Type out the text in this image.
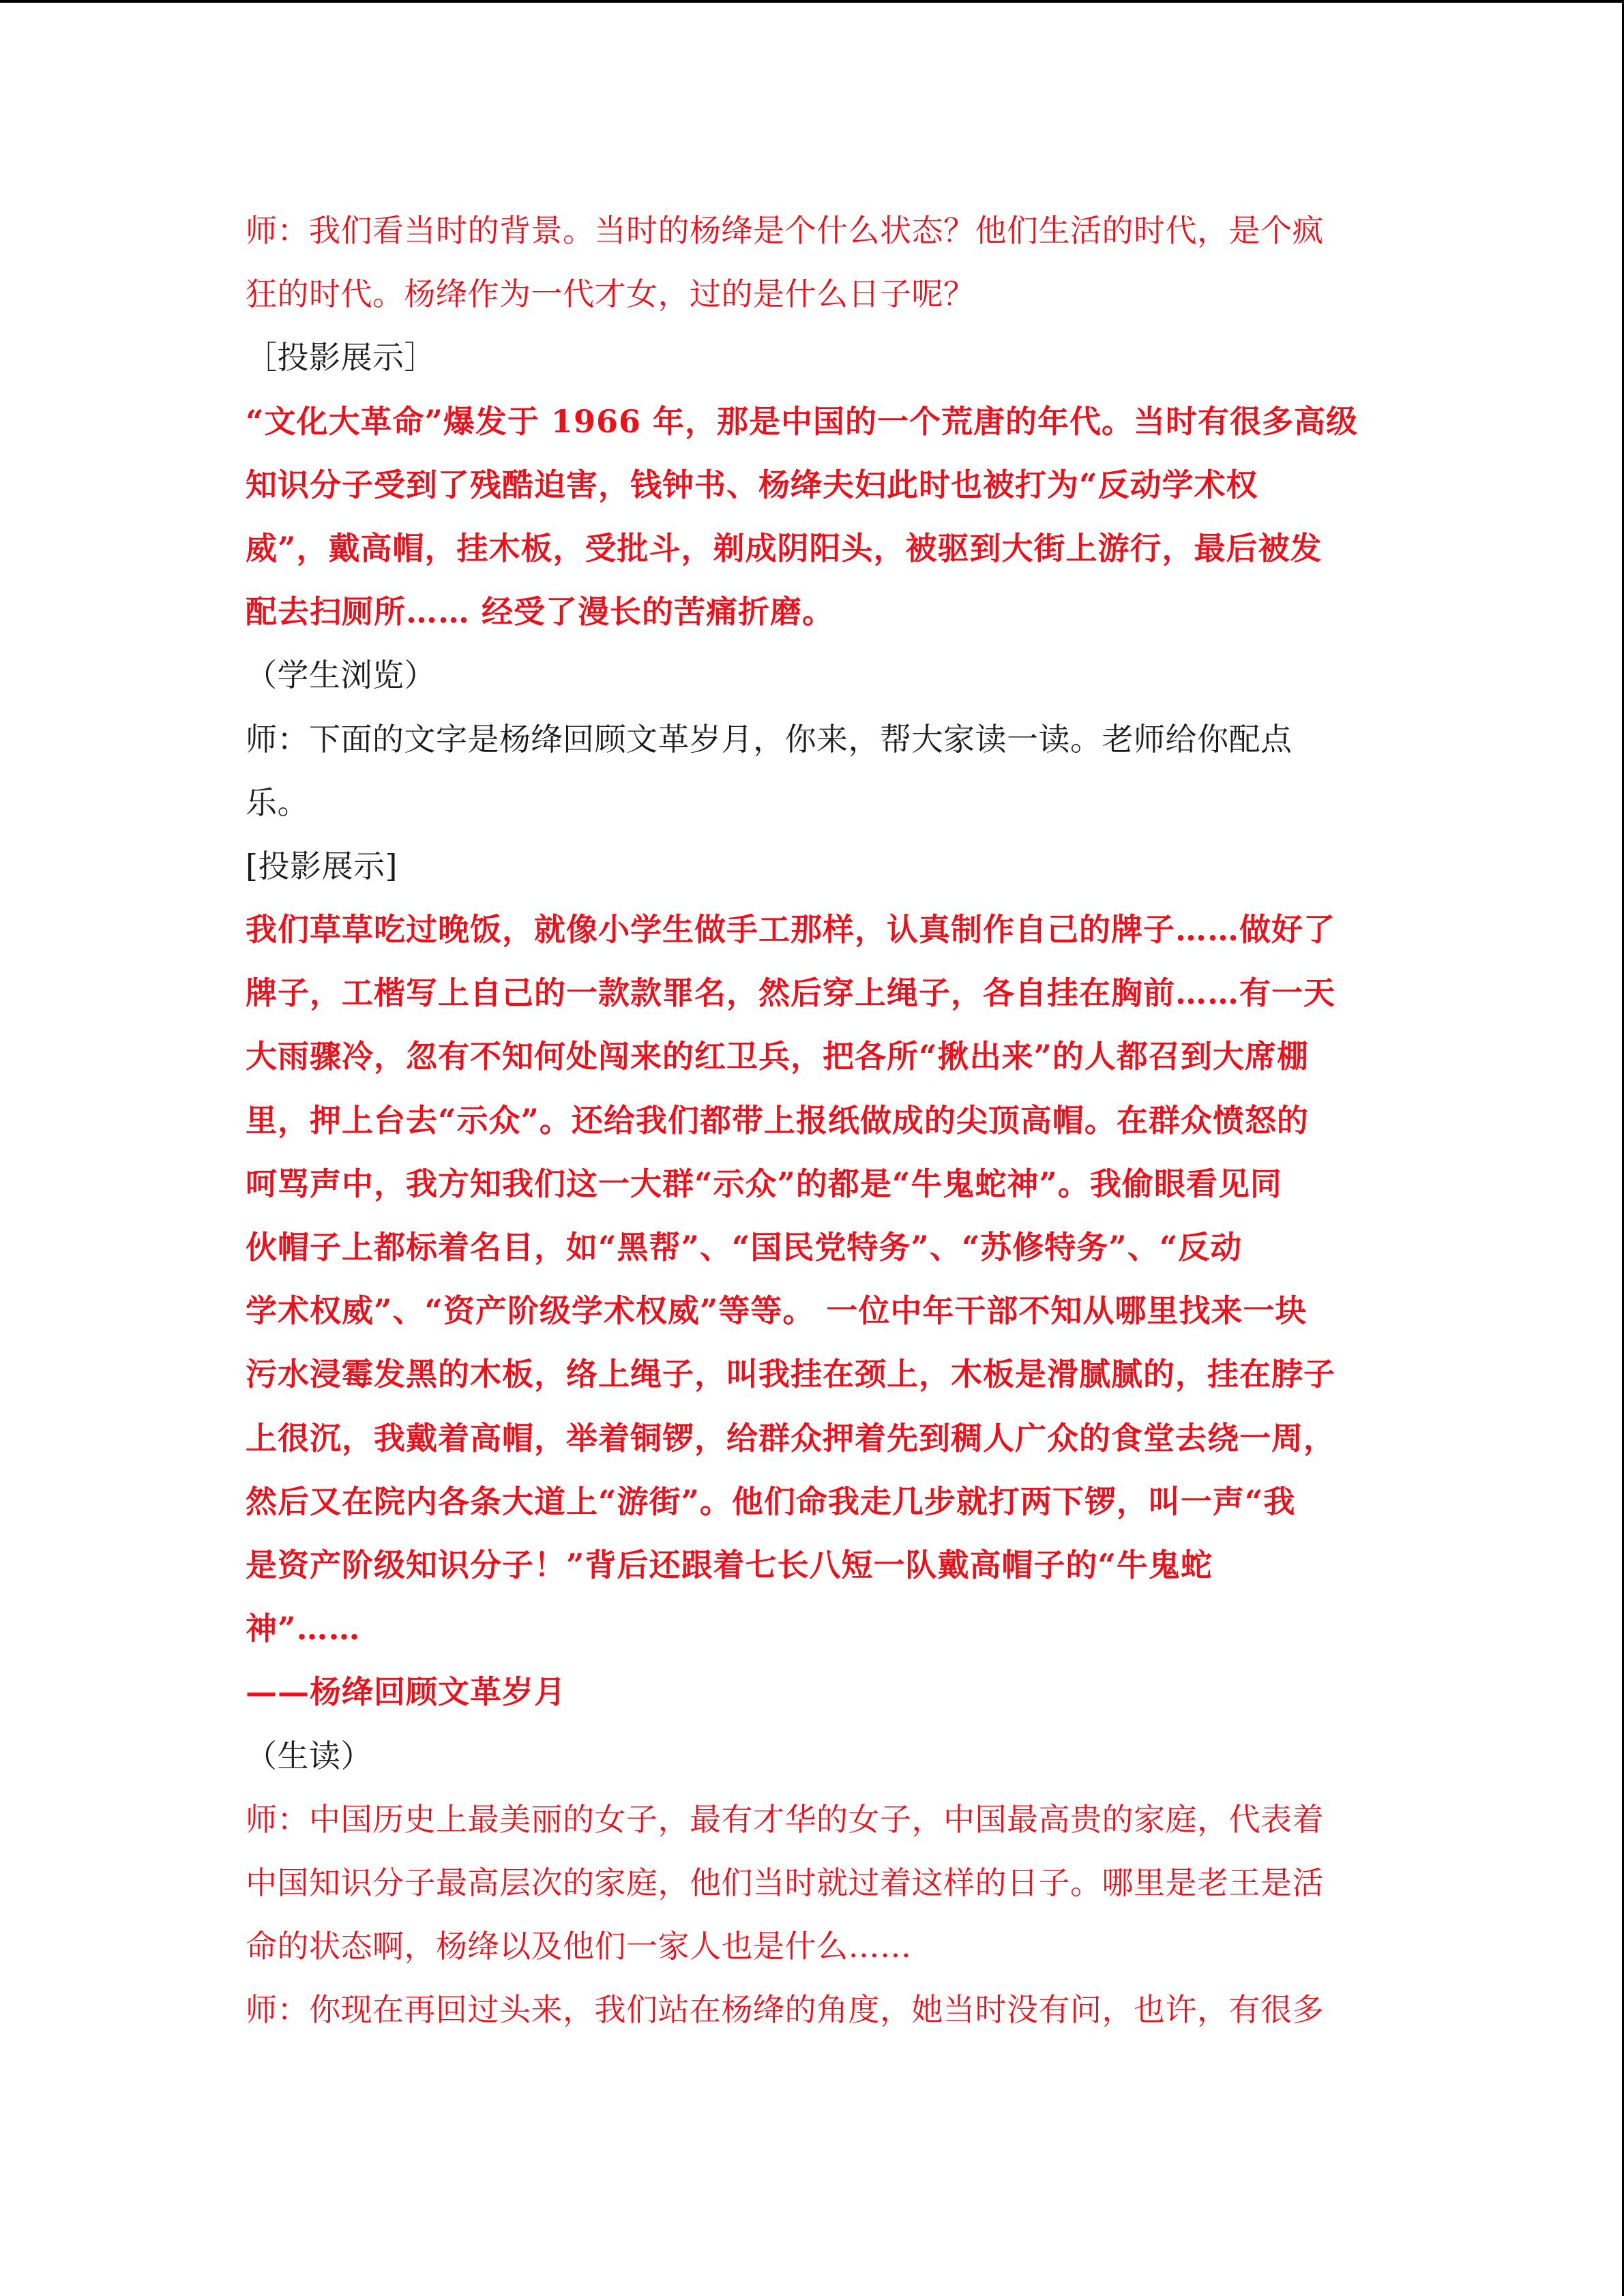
师：我们看当时的背景。当时的杨绛是个什么状态？他们生活的时代，是个疯
狂的时代。杨绛作为一代才女，过的是什么日子呢？
［投影展示］
“文化大革命”爆发于 1966 年，那是中国的一个荒唐的年代。当时有很多高级
知识分子受到了残酷迫害，钱钟书、杨绛夫妇此时也被打为“反动学术权
威”，戴高帽，挂木板，受批斗，剃成阴阳头，被驱到大街上游行，最后被发
配去扫厕所…… 经受了漫长的苦痛折磨。
（学生浏览）
师：下面的文字是杨绛回顾文革岁月，你来，帮大家读一读。老师给你配点
乐。
[投影展示]
我们草草吃过晚饭，就像小学生做手工那样，认真制作自己的牌子……做好了
牌子，工楷写上自己的一款款罪名，然后穿上绳子，各自挂在胸前……有一天
大雨骤冷，忽有不知何处闯来的红卫兵，把各所“揪出来”的人都召到大席棚
里，押上台去“示众”。还给我们都带上报纸做成的尖顶高帽。在群众愤怒的
呵骂声中，我方知我们这一大群“示众”的都是“牛鬼蛇神”。我偷眼看见同
伙帽子上都标着名目，如“黑帮”、“国民党特务”、“苏修特务”、“反动
学术权威”、“资产阶级学术权威”等等。 一位中年干部不知从哪里找来一块
污水浸霉发黑的木板，络上绳子，叫我挂在颈上，木板是滑腻腻的，挂在脖子
上很沉，我戴着高帽，举着铜锣，给群众押着先到稠人广众的食堂去绕一周，
然后又在院内各条大道上“游街”。他们命我走几步就打两下锣，叫一声“我
是资产阶级知识分子！”背后还跟着七长八短一队戴高帽子的“牛鬼蛇
神”……
——杨绛回顾文革岁月
（生读）
师：中国历史上最美丽的女子，最有才华的女子，中国最高贵的家庭，代表着
中国知识分子最高层次的家庭，他们当时就过着这样的日子。哪里是老王是活
命的状态啊，杨绛以及他们一家人也是什么……
师：你现在再回过头来，我们站在杨绛的角度，她当时没有问，也许，有很多
